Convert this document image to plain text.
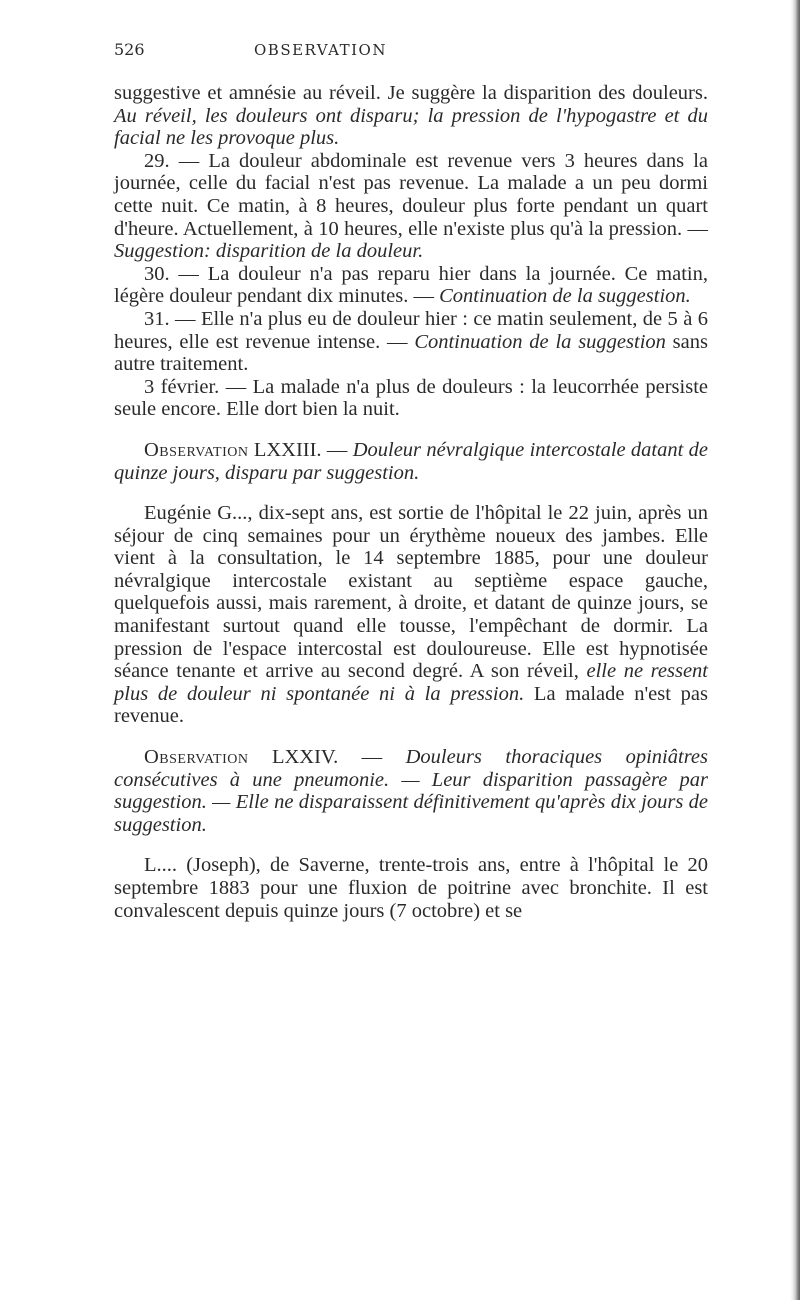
526	OBSERVATION

suggestive et amnésie au réveil. Je suggère la disparition des douleurs. Au réveil, les douleurs ont disparu; la pression de l'hypogastre et du facial ne les provoque plus.

29. — La douleur abdominale est revenue vers 3 heures dans la journée, celle du facial n'est pas revenue. La malade a un peu dormi cette nuit. Ce matin, à 8 heures, douleur plus forte pendant un quart d'heure. Actuellement, à 10 heures, elle n'existe plus qu'à la pression. — Suggestion: disparition de la douleur.

30. — La douleur n'a pas reparu hier dans la journée. Ce matin, légère douleur pendant dix minutes. — Continuation de la suggestion.

31. — Elle n'a plus eu de douleur hier : ce matin seulement, de 5 à 6 heures, elle est revenue intense. — Continuation de la suggestion sans autre traitement.

3 février. — La malade n'a plus de douleurs : la leucorrhée persiste seule encore. Elle dort bien la nuit.

Observation LXXIII. — Douleur névralgique intercostale datant de quinze jours, disparu par suggestion.

Eugénie G..., dix-sept ans, est sortie de l'hôpital le 22 juin, après un séjour de cinq semaines pour un érythème noueux des jambes. Elle vient à la consultation, le 14 septembre 1885, pour une douleur névralgique intercostale existant au septième espace gauche, quelquefois aussi, mais rarement, à droite, et datant de quinze jours, se manifestant surtout quand elle tousse, l'empêchant de dormir. La pression de l'espace intercostal est douloureuse. Elle est hypnotisée séance tenante et arrive au second degré. A son réveil, elle ne ressent plus de douleur ni spontanée ni à la pression. La malade n'est pas revenue.

Observation LXXIV. — Douleurs thoraciques opiniâtres consécutives à une pneumonie. — Leur disparition passagère par suggestion. — Elle ne disparaissent définitivement qu'après dix jours de suggestion.

L.... (Joseph), de Saverne, trente-trois ans, entre à l'hôpital le 20 septembre 1883 pour une fluxion de poitrine avec bronchite. Il est convalescent depuis quinze jours (7 octobre) et se
